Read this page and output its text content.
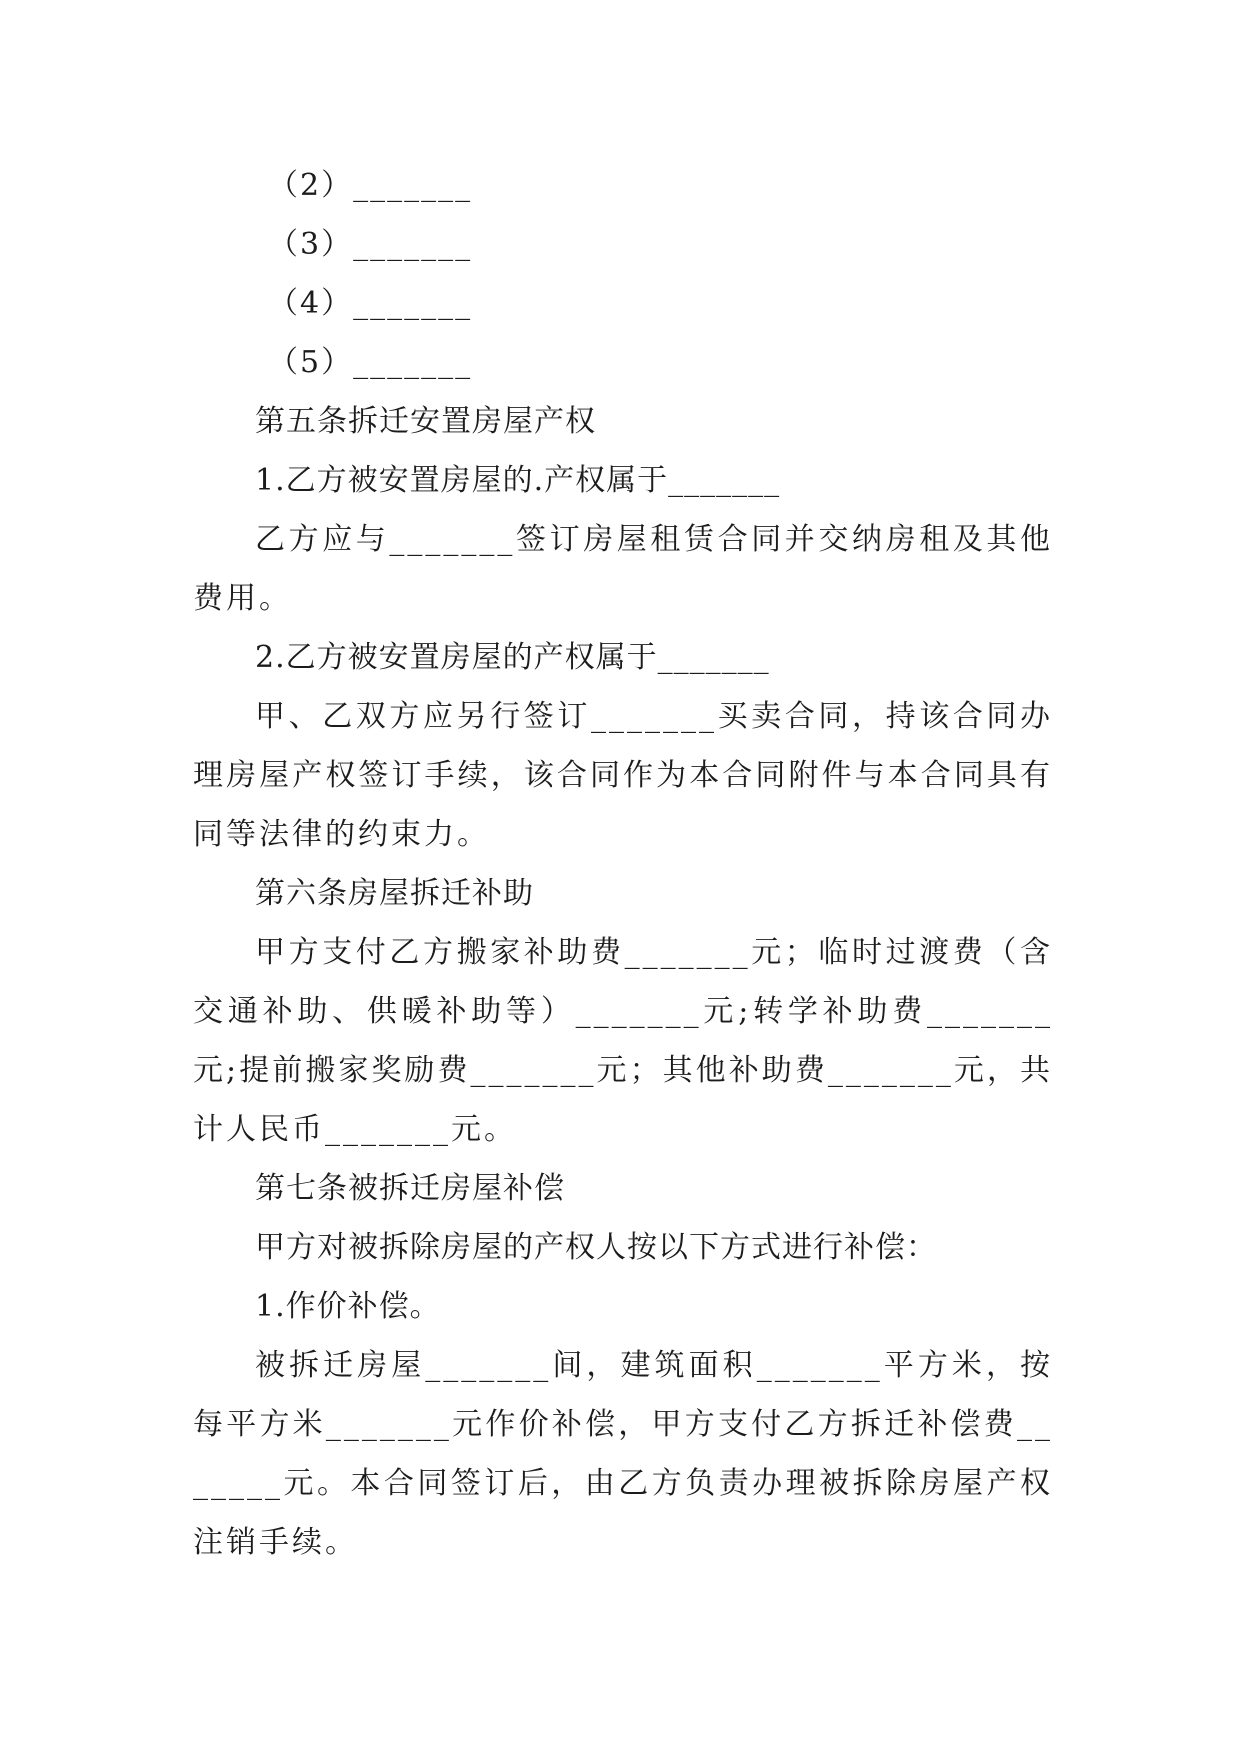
（2）_______
（3）_______
（4）_______
（5）_______
第五条拆迁安置房屋产权
1.乙方被安置房屋的.产权属于_______
乙方应与_______签订房屋租赁合同并交纳房租及其他费用。
2.乙方被安置房屋的产权属于_______
甲、乙双方应另行签订_______买卖合同，持该合同办理房屋产权签订手续，该合同作为本合同附件与本合同具有同等法律的约束力。
第六条房屋拆迁补助
甲方支付乙方搬家补助费_______元；临时过渡费（含交通补助、供暖补助等）_______元;转学补助费_______元;提前搬家奖励费_______元；其他补助费_______元，共计人民币_______元。
第七条被拆迁房屋补偿
甲方对被拆除房屋的产权人按以下方式进行补偿：
1.作价补偿。
被拆迁房屋_______间，建筑面积_______平方米，按每平方米_______元作价补偿，甲方支付乙方拆迁补偿费_______元。本合同签订后，由乙方负责办理被拆除房屋产权注销手续。
